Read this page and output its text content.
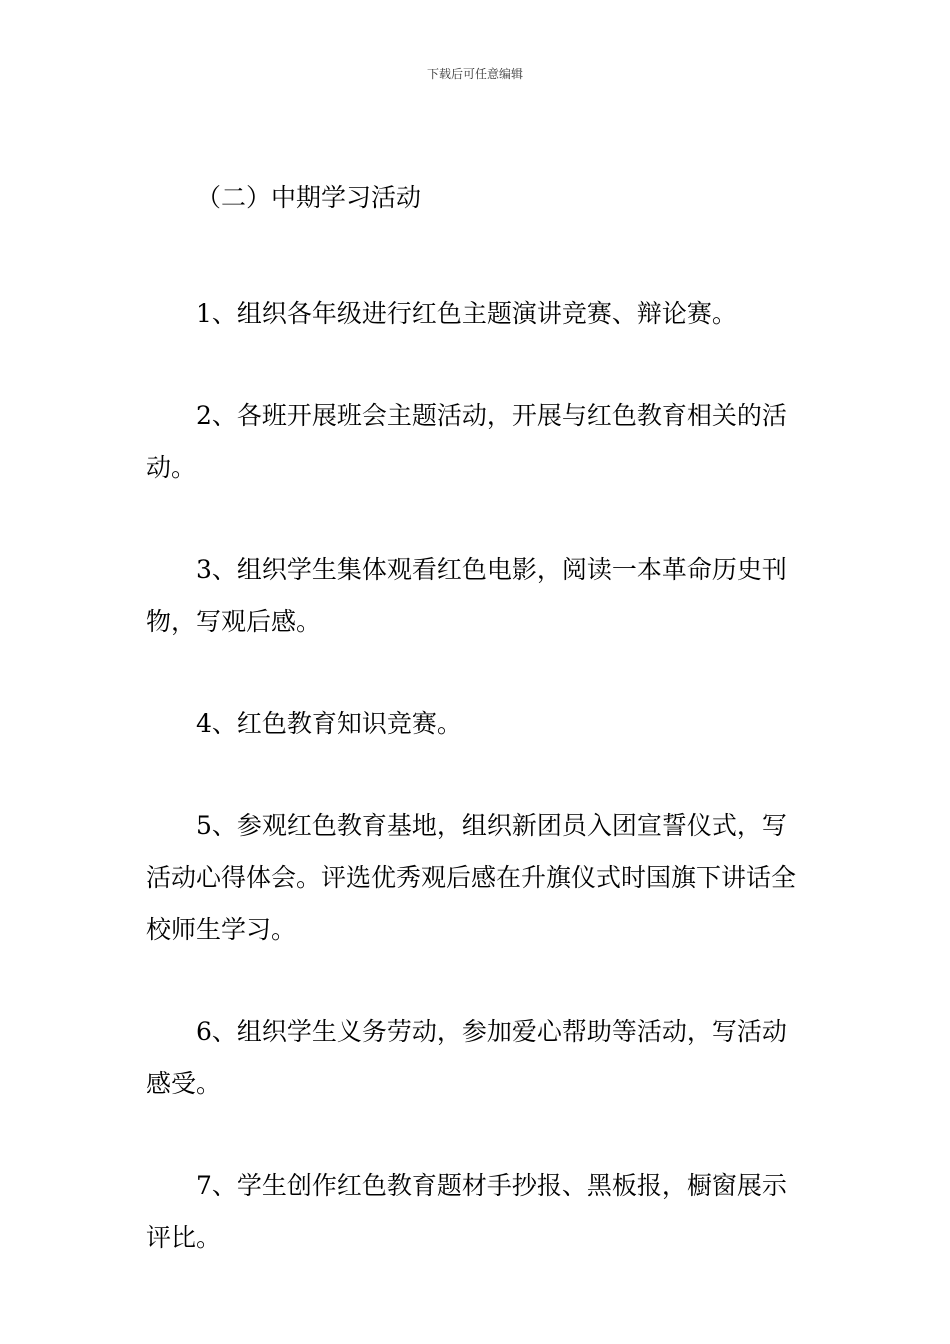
下载后可任意编辑
（二）中期学习活动

1、组织各年级进行红色主题演讲竞赛、辩论赛。

2、各班开展班会主题活动，开展与红色教育相关的活动。

3、组织学生集体观看红色电影，阅读一本革命历史刊物，写观后感。

4、红色教育知识竞赛。

5、参观红色教育基地，组织新团员入团宣誓仪式，写活动心得体会。评选优秀观后感在升旗仪式时国旗下讲话全校师生学习。

6、组织学生义务劳动，参加爱心帮助等活动，写活动感受。

7、学生创作红色教育题材手抄报、黑板报，橱窗展示评比。
